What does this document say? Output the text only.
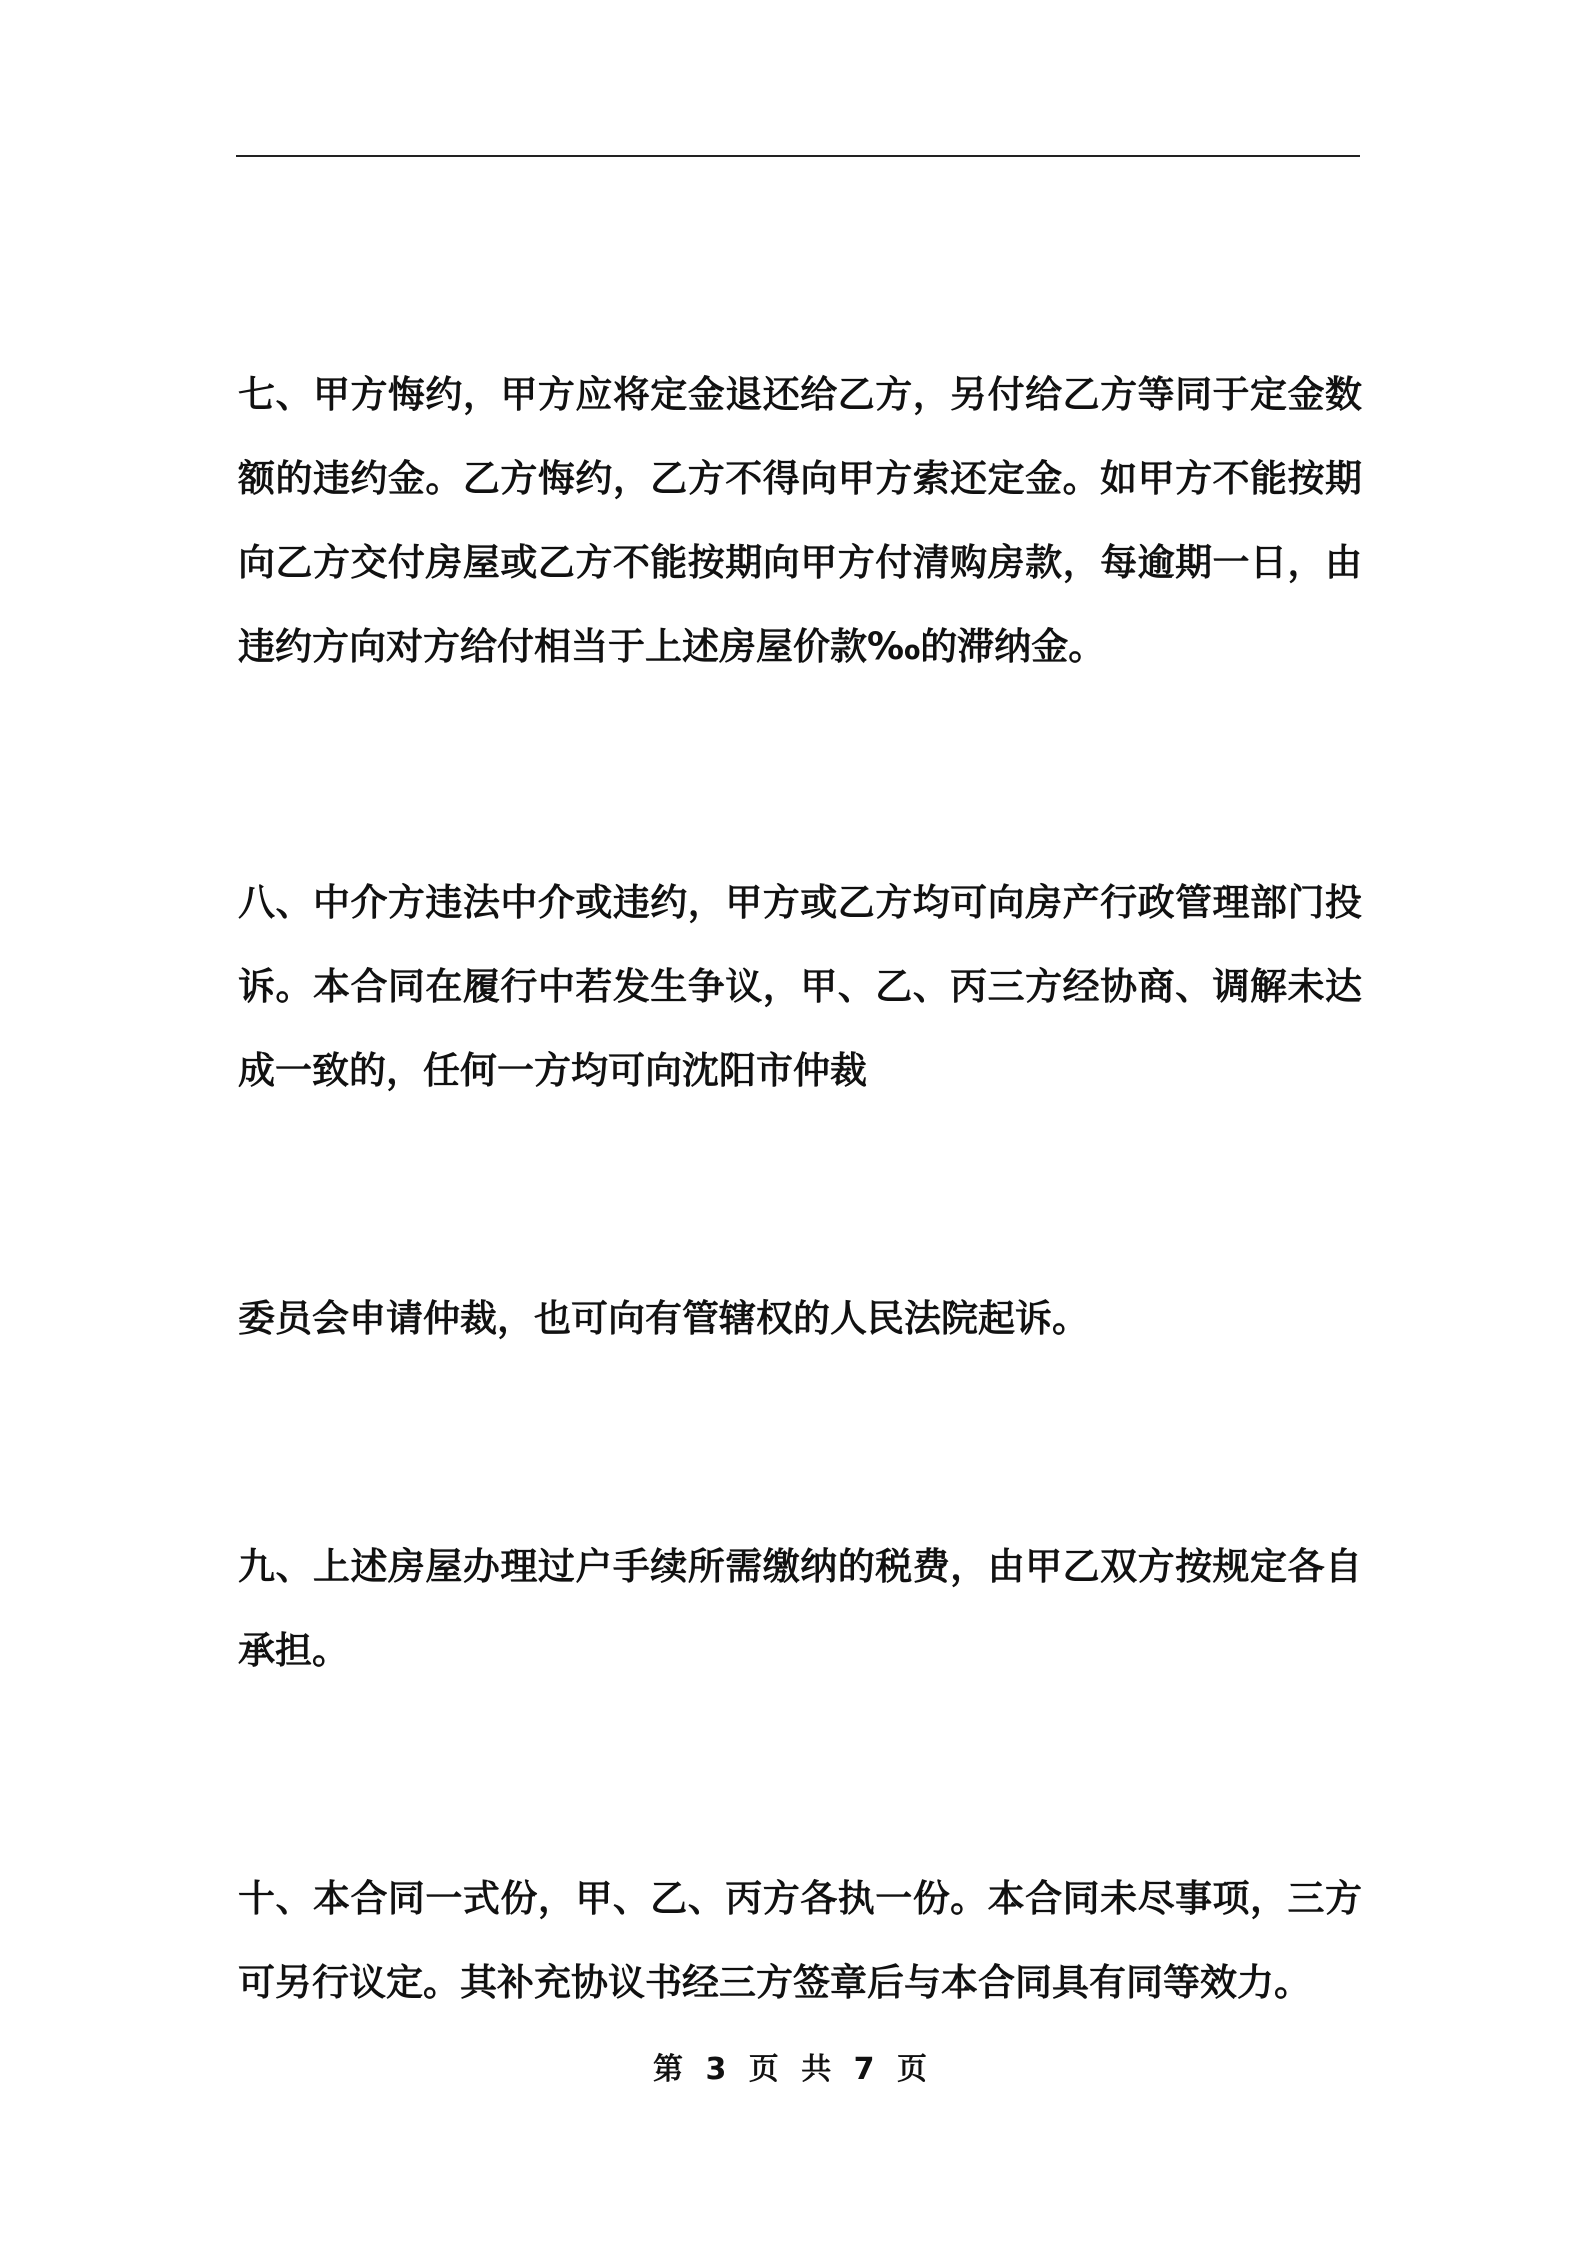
七、甲方悔约，甲方应将定金退还给乙方，另付给乙方等同于定金数额的违约金。乙方悔约，乙方不得向甲方索还定金。如甲方不能按期向乙方交付房屋或乙方不能按期向甲方付清购房款，每逾期一日，由违约方向对方给付相当于上述房屋价款‰的滞纳金。

八、中介方违法中介或违约，甲方或乙方均可向房产行政管理部门投诉。本合同在履行中若发生争议，甲、乙、丙三方经协商、调解未达成一致的，任何一方均可向沈阳市仲裁

委员会申请仲裁，也可向有管辖权的人民法院起诉。

九、上述房屋办理过户手续所需缴纳的税费，由甲乙双方按规定各自承担。

十、本合同一式份，甲、乙、丙方各执一份。本合同未尽事项，三方可另行议定。其补充协议书经三方签章后与本合同具有同等效力。

第 3 页 共 7 页
